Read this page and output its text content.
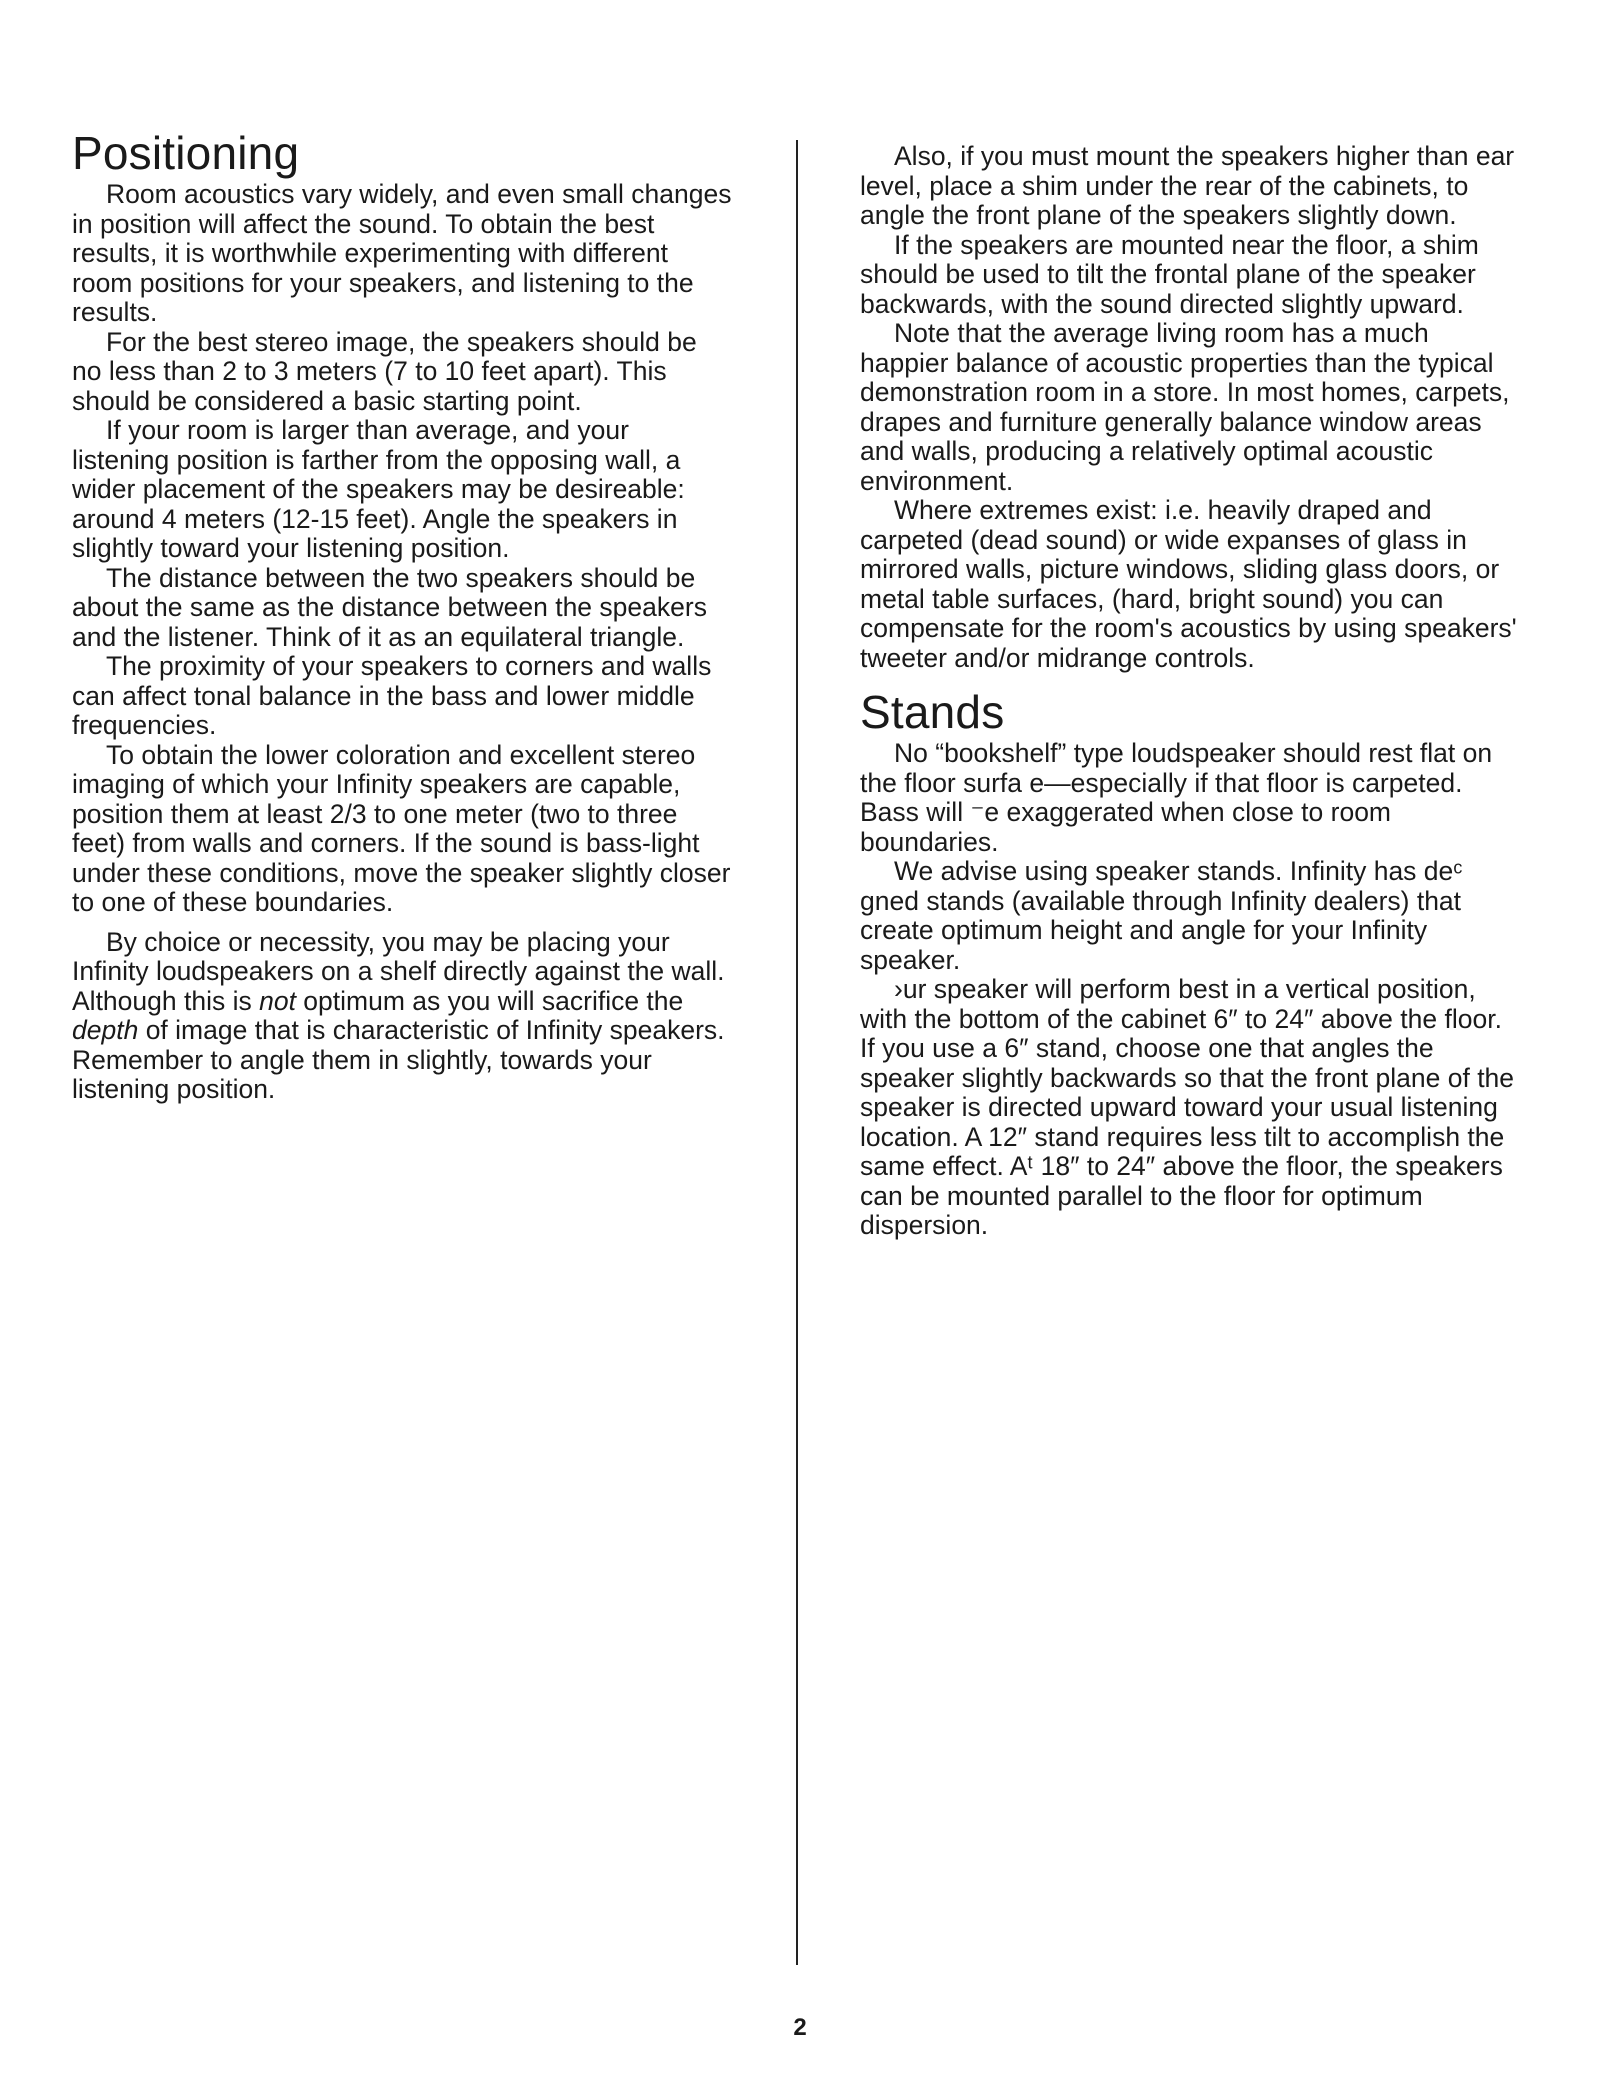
Positioning

Room acoustics vary widely, and even small changes in position will affect the sound. To obtain the best results, it is worthwhile experimenting with different room positions for your speakers, and listening to the results.

For the best stereo image, the speakers should be no less than 2 to 3 meters (7 to 10 feet apart). This should be considered a basic starting point.

If your room is larger than average, and your listening position is farther from the opposing wall, a wider placement of the speakers may be desireable: around 4 meters (12-15 feet). Angle the speakers in slightly toward your listening position.

The distance between the two speakers should be about the same as the distance between the speakers and the listener. Think of it as an equilateral triangle.

The proximity of your speakers to corners and walls can affect tonal balance in the bass and lower middle frequencies.

To obtain the lower coloration and excellent stereo imaging of which your Infinity speakers are capable, position them at least 2/3 to one meter (two to three feet) from walls and corners. If the sound is bass-light under these conditions, move the speaker slightly closer to one of these boundaries.

By choice or necessity, you may be placing your Infinity loudspeakers on a shelf directly against the wall. Although this is not optimum as you will sacrifice the depth of image that is characteristic of Infinity speakers. Remember to angle them in slightly, towards your listening position.

Also, if you must mount the speakers higher than ear level, place a shim under the rear of the cabinets, to angle the front plane of the speakers slightly down.

If the speakers are mounted near the floor, a shim should be used to tilt the frontal plane of the speaker backwards, with the sound directed slightly upward.

Note that the average living room has a much happier balance of acoustic properties than the typical demonstration room in a store. In most homes, carpets, drapes and furniture generally balance window areas and walls, producing a relatively optimal acoustic environment.

Where extremes exist: i.e. heavily draped and carpeted (dead sound) or wide expanses of glass in mirrored walls, picture windows, sliding glass doors, or metal table surfaces, (hard, bright sound) you can compensate for the room's acoustics by using speakers' tweeter and/or midrange controls.

Stands

No “bookshelf” type loudspeaker should rest flat on the floor surfa e—especially if that floor is carpeted. Bass will ⁻e exaggerated when close to room boundaries.

We advise using speaker stands. Infinity has deᶜ gned stands (available through Infinity dealers) that create optimum height and angle for your Infinity speaker.

›ur speaker will perform best in a vertical position, with the bottom of the cabinet 6″ to 24″ above the floor. If you use a 6″ stand, choose one that angles the speaker slightly backwards so that the front plane of the speaker is directed upward toward your usual listening location. A 12″ stand requires less tilt to accomplish the same effect. Aᵗ 18″ to 24″ above the floor, the speakers can be mounted parallel to the floor for optimum dispersion.

2
